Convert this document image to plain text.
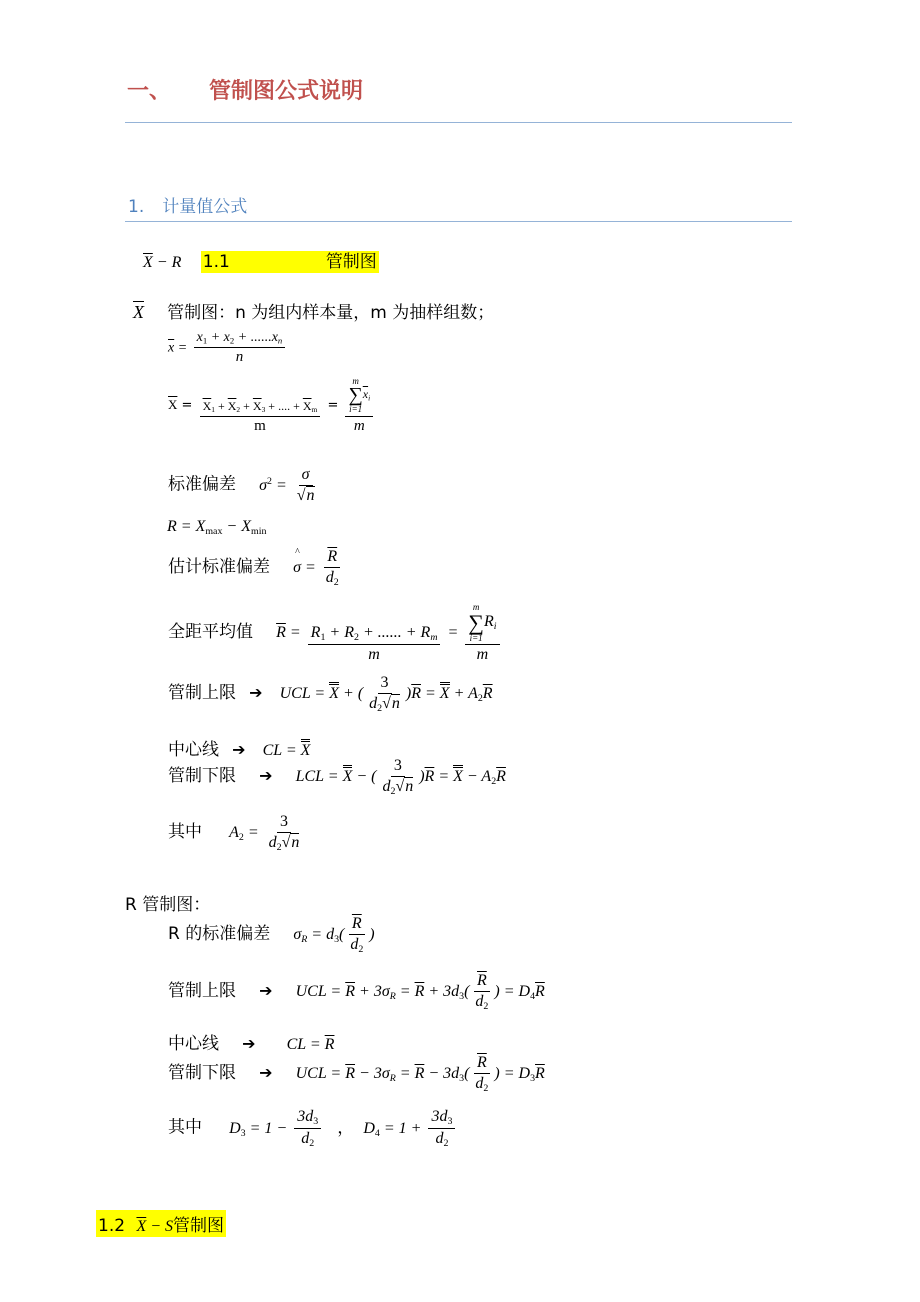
一、 管制图公式说明
1. 计量值公式
$\overline{X} - R$ 1.1	管制图
$\overline{X}$ 管制图：n 为组内样本量，m 为抽样组数；
$\overline{x} = \frac{x_1 + x_2 + ......x_n}{n}$
$\overline{X} = \frac{\overline{X}_1 + \overline{X}_2 + \overline{X}_3 + .... + \overline{X}_m}{m} = m$
∑
i=1
$\overline{x}_i$
m
标准偏差 $\sigma^2 = \frac{\sigma}{√n}$
$R = X_{max} - X_{min}$
估计标准偏差 σ
^
= $\frac{\overline{R}}{d_2}$
全距平均值 $\overline{R} = \frac{R_1 + R_2 + ...... + R_m}{m} = m$
∑
i=1
$R_i$
m
管制上限 ➔ UCL = X + ( $\frac{3}{d_2√n} )\overline{R} = X + A_2\overline{R}$
中心线 ➔ CL = X
管制下限 ➔ LCL = X − ( $\frac{3}{d_2√n} )\overline{R} = X - A_2\overline{R}$
其中 $A_2 = \frac{3}{d_2√n}$
R 管制图：
R 的标准偏差 $\sigma_R = d_3( \frac{\overline{R}}{d_2}$ )
管制上限 ➔ UCL = $\overline{R} + 3\sigma_R = \overline{R} + 3d_3( \frac{\overline{R}}{d_2}$ ) = $D_4\overline{R}$
中心线 ➔ CL = $\overline{R}$
管制下限 ➔ UCL = $\overline{R} - 3\sigma_R = \overline{R} - 3d_3( \frac{\overline{R}}{d_2}$ ) = $D_3\overline{R}$
其中 $D_3 = 1 - \frac{3d_3}{d_2}$ ， $D_4 = 1 + \frac{3d_3}{d_2}$
1.2 $\overline{X} - S$管制图
